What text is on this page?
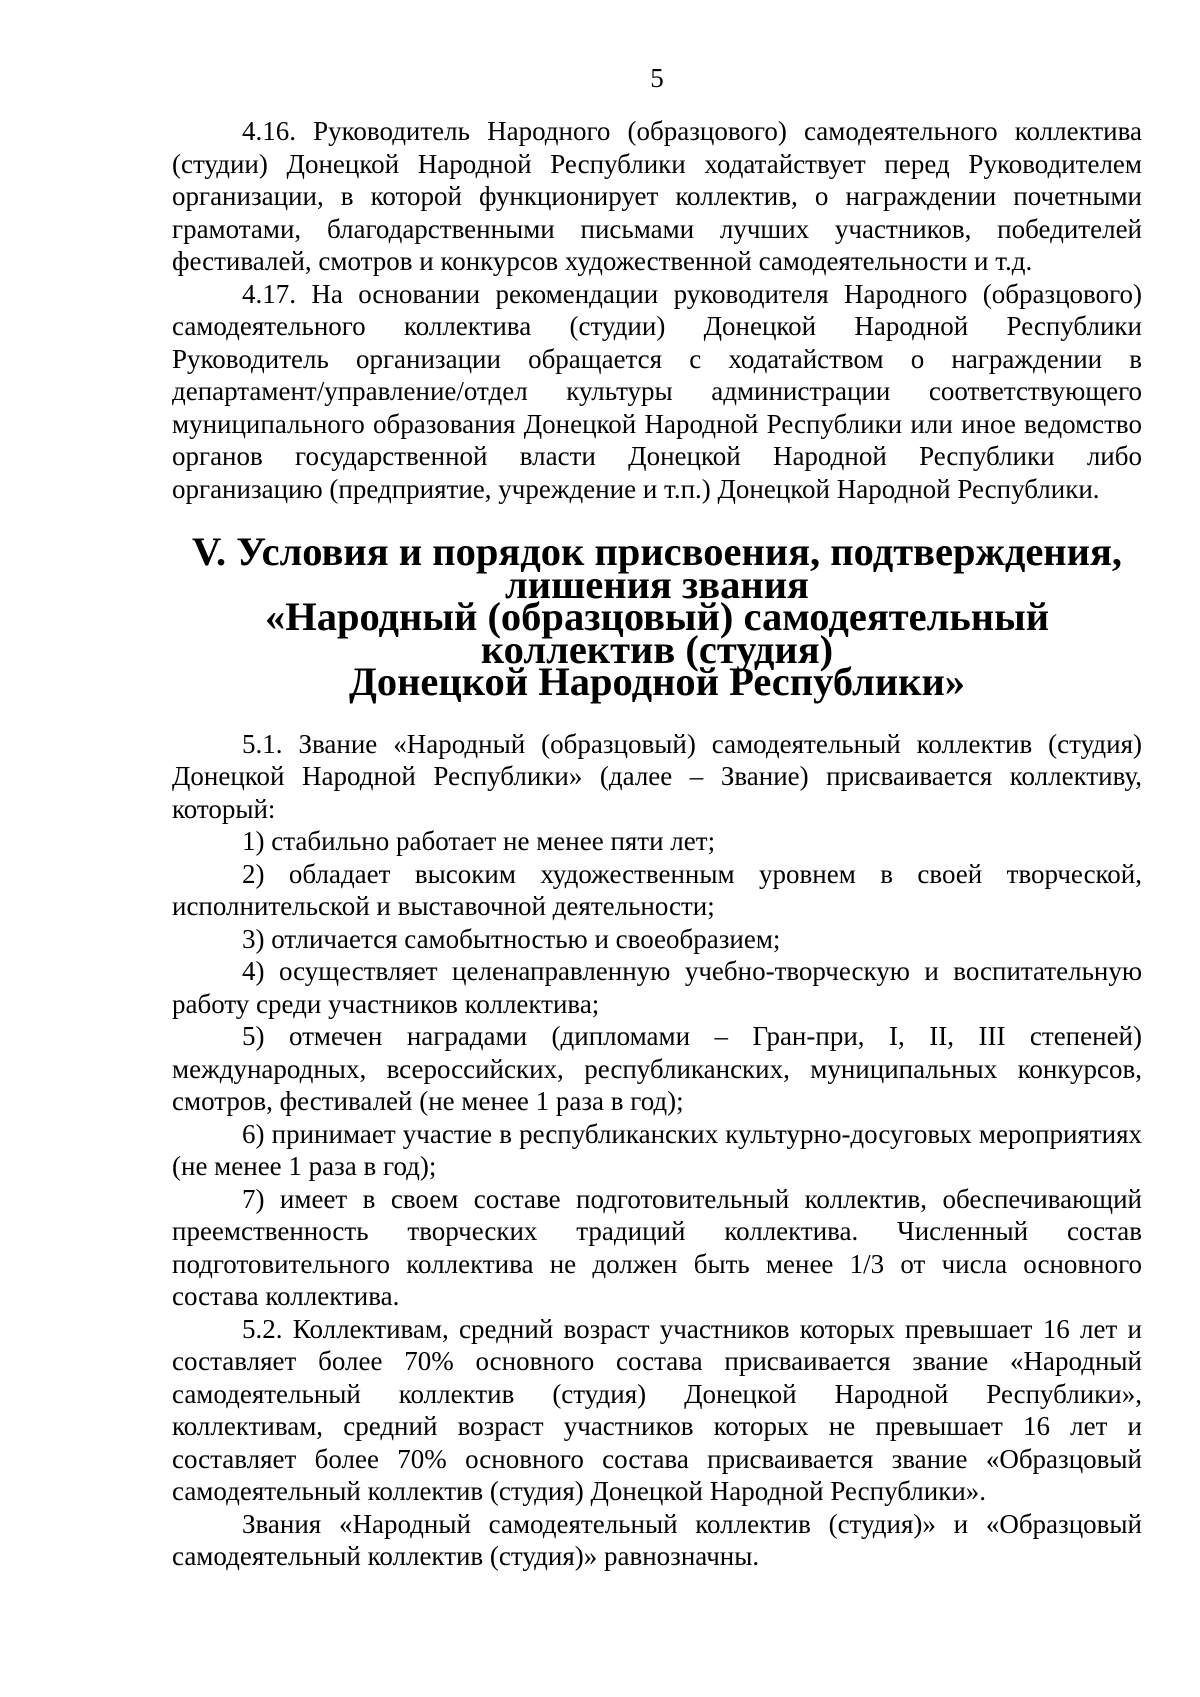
5

4.16. Руководитель Народного (образцового) самодеятельного коллектива (студии) Донецкой Народной Республики ходатайствует перед Руководителем организации, в которой функционирует коллектив, о награждении почетными грамотами, благодарственными письмами лучших участников, победителей фестивалей, смотров и конкурсов художественной самодеятельности и т.д.

4.17. На основании рекомендации руководителя Народного (образцового) самодеятельного коллектива (студии) Донецкой Народной Республики Руководитель организации обращается с ходатайством о награждении в департамент/управление/отдел культуры администрации соответствующего муниципального образования Донецкой Народной Республики или иное ведомство органов государственной власти Донецкой Народной Республики либо организацию (предприятие, учреждение и т.п.) Донецкой Народной Республики.

V. Условия и порядок присвоения, подтверждения, лишения звания
«Народный (образцовый) самодеятельный коллектив (студия)
Донецкой Народной Республики»

5.1. Звание «Народный (образцовый) самодеятельный коллектив (студия) Донецкой Народной Республики» (далее – Звание) присваивается коллективу, который:

1) стабильно работает не менее пяти лет;

2) обладает высоким художественным уровнем в своей творческой, исполнительской и выставочной деятельности;

3) отличается самобытностью и своеобразием;

4) осуществляет целенаправленную учебно-творческую и воспитательную работу среди участников коллектива;

5) отмечен наградами (дипломами – Гран-при, I, II, III степеней) международных, всероссийских, республиканских, муниципальных конкурсов, смотров, фестивалей (не менее 1 раза в год);

6) принимает участие в республиканских культурно-досуговых мероприятиях (не менее 1 раза в год);

7) имеет в своем составе подготовительный коллектив, обеспечивающий преемственность творческих традиций коллектива. Численный состав подготовительного коллектива не должен быть менее 1/3 от числа основного состава коллектива.

5.2. Коллективам, средний возраст участников которых превышает 16 лет и составляет более 70% основного состава присваивается звание «Народный самодеятельный коллектив (студия) Донецкой Народной Республики», коллективам, средний возраст участников которых не превышает 16 лет и составляет более 70% основного состава присваивается звание «Образцовый самодеятельный коллектив (студия) Донецкой Народной Республики».

Звания «Народный самодеятельный коллектив (студия)» и «Образцовый самодеятельный коллектив (студия)» равнозначны.
